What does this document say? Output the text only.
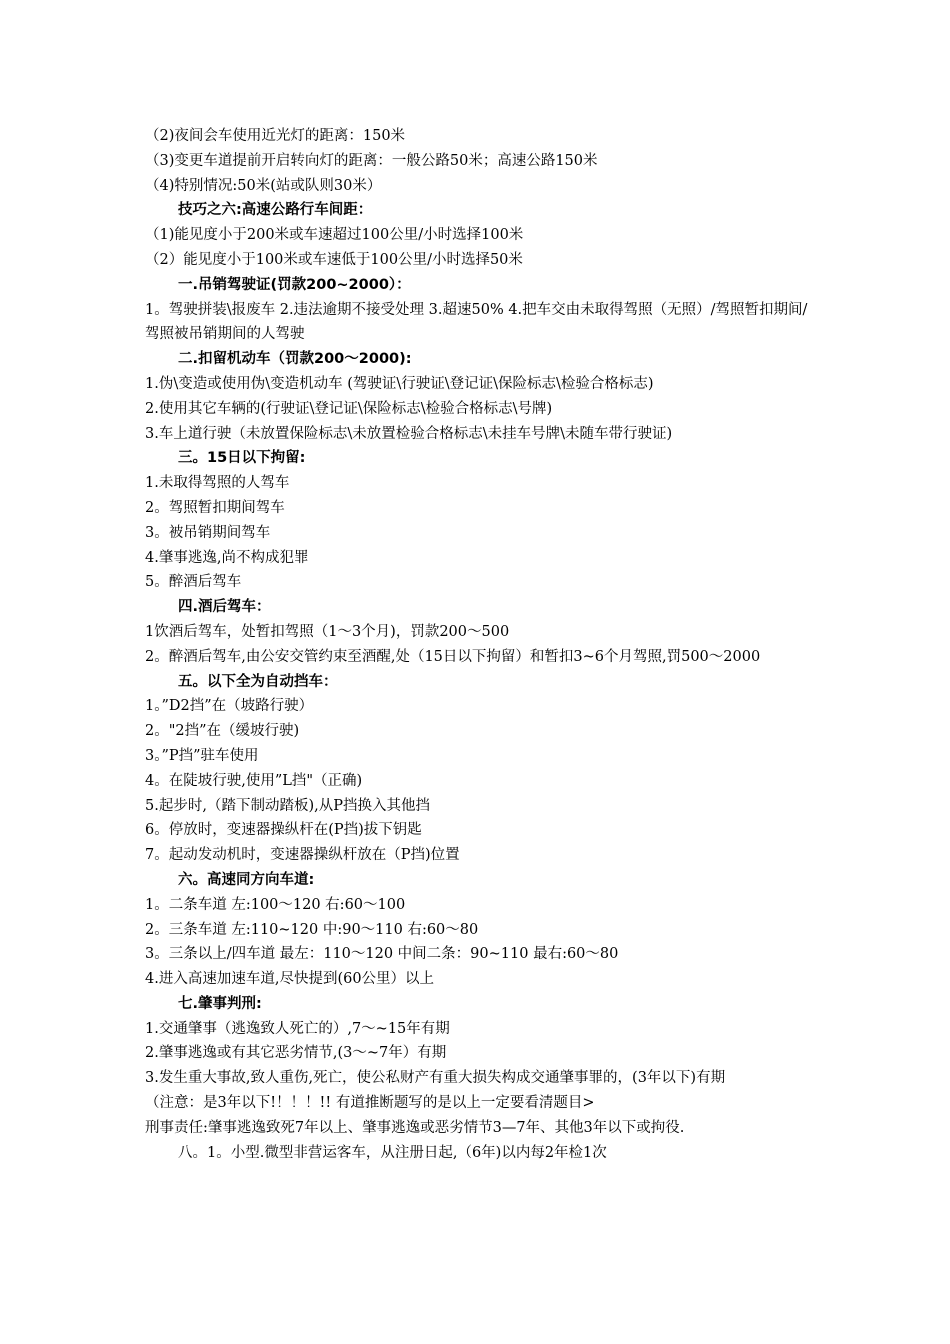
（2)夜间会车使用近光灯的距离：150米
（3)变更车道提前开启转向灯的距离：一般公路50米；高速公路150米
（4)特别情况:50米(站或队则30米）
技巧之六:高速公路行车间距：
（1)能见度小于200米或车速超过100公里/小时选择100米
（2）能见度小于100米或车速低于100公里/小时选择50米
一.吊销驾驶证(罚款200~2000）：
1。驾驶拼装\报废车 2.违法逾期不接受处理 3.超速50% 4.把车交由未取得驾照（无照）/驾照暂扣期间/驾照被吊销期间的人驾驶
二.扣留机动车（罚款200～2000):
1.伪\变造或使用伪\变造机动车 (驾驶证\行驶证\登记证\保险标志\检验合格标志)
2.使用其它车辆的(行驶证\登记证\保险标志\检验合格标志\号牌)
3.车上道行驶（未放置保险标志\未放置检验合格标志\未挂车号牌\未随车带行驶证)
三。15日以下拘留:
1.未取得驾照的人驾车
2。驾照暂扣期间驾车
3。被吊销期间驾车
4.肇事逃逸,尚不构成犯罪
5。醉酒后驾车
四.酒后驾车：
1饮酒后驾车，处暂扣驾照（1～3个月)，罚款200～500
2。醉酒后驾车,由公安交管约束至酒醒,处（15日以下拘留）和暂扣3~6个月驾照,罚500～2000
五。以下全为自动挡车：
1。”D2挡”在（坡路行驶）
2。"2挡”在（缓坡行驶)
3。”P挡”驻车使用
4。在陡坡行驶,使用”L挡"（正确)
5.起步时,（踏下制动踏板),从P挡换入其他挡
6。停放时，变速器操纵杆在(P挡)拔下钥匙
7。起动发动机时，变速器操纵杆放在（P挡)位置
六。高速同方向车道:
1。二条车道 左:100～120 右:60～100
2。三条车道 左:110~120 中:90～110 右:60～80
3。三条以上/四车道 最左：110～120 中间二条：90~110 最右:60～80
4.进入高速加速车道,尽快提到(60公里）以上
七.肇事判刑:
1.交通肇事（逃逸致人死亡的）,7～~15年有期
2.肇事逃逸或有其它恶劣情节,(3～~7年）有期
3.发生重大事故,致人重伤,死亡，使公私财产有重大损失构成交通肇事罪的，(3年以下)有期
（注意：是3年以下!！！！!! 有道推断题写的是以上一定要看清题目>
刑事责任:肇事逃逸致死7年以上、肇事逃逸或恶劣情节3—7年、其他3年以下或拘役.
八。1。小型.微型非营运客车，从注册日起,（6年)以内每2年检1次
